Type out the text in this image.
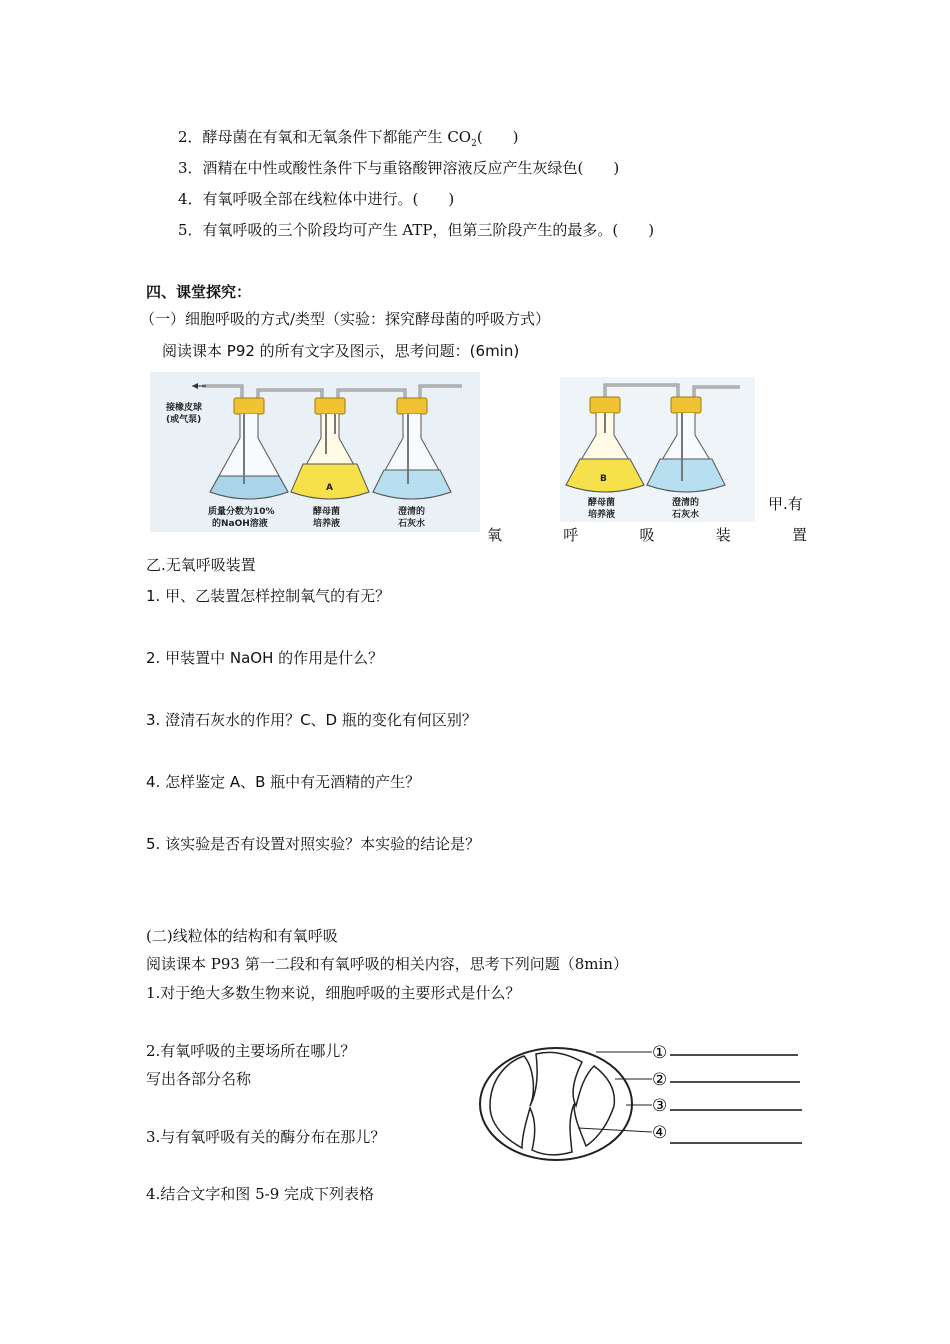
2．酵母菌在有氧和无氧条件下都能产生 $CO_2$(　　)
3．酒精在中性或酸性条件下与重铬酸钾溶液反应产生灰绿色(　　)
4．有氧呼吸全部在线粒体中进行。(　　)
5．有氧呼吸的三个阶段均可产生 ATP，但第三阶段产生的最多。(　　)
四、课堂探究：
（一）细胞呼吸的方式/类型（实验：探究酵母菌的呼吸方式）
阅读课本 P92 的所有文字及图示，思考问题：(6min)
接橡皮球
(或气泵)
质量分数为10%
的NaOH溶液
A
酵母菌
培养液
澄清的
石灰水
B
酵母菌
培养液
澄清的
石灰水
甲.有
氧	呼	吸	装	置
乙.无氧呼吸装置
1. 甲、乙装置怎样控制氧气的有无？
2. 甲装置中 NaOH 的作用是什么？
3. 澄清石灰水的作用？C、D 瓶的变化有何区别？
4. 怎样鉴定 A、B 瓶中有无酒精的产生？
5. 该实验是否有设置对照实验？本实验的结论是？
(二)线粒体的结构和有氧呼吸
阅读课本 P93 第一二段和有氧呼吸的相关内容，思考下列问题（8min）
1.对于绝大多数生物来说，细胞呼吸的主要形式是什么？
2.有氧呼吸的主要场所在哪儿？
写出各部分名称
3.与有氧呼吸有关的酶分布在那儿？
4.结合文字和图 5-9 完成下列表格
①
②
③
④
